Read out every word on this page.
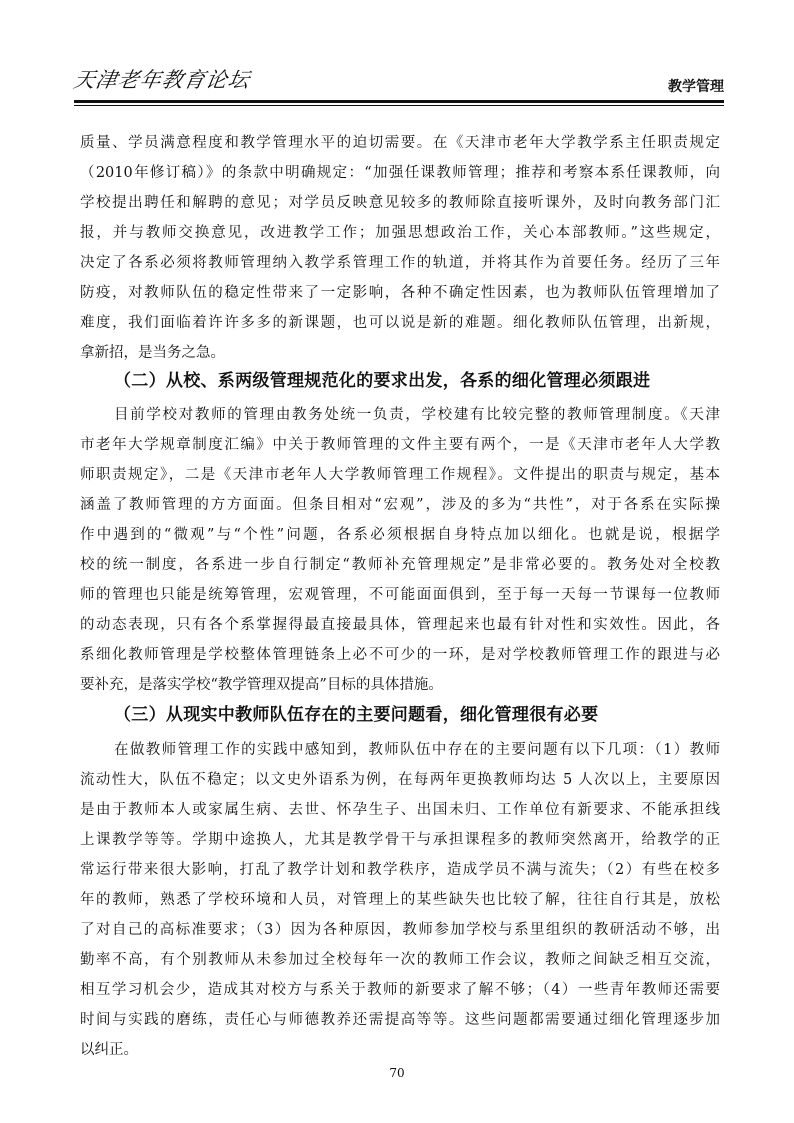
天津老年教育论坛	教学管理
质量、学员满意程度和教学管理水平的迫切需要。在《天津市老年大学教学系主任职责规定
（2010年修订稿）》的条款中明确规定：“加强任课教师管理；推荐和考察本系任课教师，向
学校提出聘任和解聘的意见；对学员反映意见较多的教师除直接听课外，及时向教务部门汇
报，并与教师交换意见，改进教学工作；加强思想政治工作，关心本部教师。”这些规定，
决定了各系必须将教师管理纳入教学系管理工作的轨道，并将其作为首要任务。经历了三年
防疫，对教师队伍的稳定性带来了一定影响，各种不确定性因素，也为教师队伍管理增加了
难度，我们面临着许许多多的新课题，也可以说是新的难题。细化教师队伍管理，出新规，
拿新招，是当务之急。
（二）从校、系两级管理规范化的要求出发，各系的细化管理必须跟进
目前学校对教师的管理由教务处统一负责，学校建有比较完整的教师管理制度。《天津
市老年大学规章制度汇编》中关于教师管理的文件主要有两个，一是《天津市老年人大学教
师职责规定》，二是《天津市老年人大学教师管理工作规程》。文件提出的职责与规定，基本
涵盖了教师管理的方方面面。但条目相对“宏观”，涉及的多为“共性”，对于各系在实际操
作中遇到的“微观”与“个性”问题，各系必须根据自身特点加以细化。也就是说，根据学
校的统一制度，各系进一步自行制定“教师补充管理规定”是非常必要的。教务处对全校教
师的管理也只能是统筹管理，宏观管理，不可能面面俱到，至于每一天每一节课每一位教师
的动态表现，只有各个系掌握得最直接最具体，管理起来也最有针对性和实效性。因此，各
系细化教师管理是学校整体管理链条上必不可少的一环，是对学校教师管理工作的跟进与必
要补充，是落实学校“教学管理双提高”目标的具体措施。
（三）从现实中教师队伍存在的主要问题看，细化管理很有必要
在做教师管理工作的实践中感知到，教师队伍中存在的主要问题有以下几项：（1）教师
流动性大，队伍不稳定；以文史外语系为例，在每两年更换教师均达 5 人次以上，主要原因
是由于教师本人或家属生病、去世、怀孕生子、出国未归、工作单位有新要求、不能承担线
上课教学等等。学期中途换人，尤其是教学骨干与承担课程多的教师突然离开，给教学的正
常运行带来很大影响，打乱了教学计划和教学秩序，造成学员不满与流失；（2）有些在校多
年的教师，熟悉了学校环境和人员，对管理上的某些缺失也比较了解，往往自行其是，放松
了对自己的高标准要求；（3）因为各种原因，教师参加学校与系里组织的教研活动不够，出
勤率不高，有个别教师从未参加过全校每年一次的教师工作会议，教师之间缺乏相互交流，
相互学习机会少，造成其对校方与系关于教师的新要求了解不够；（4）一些青年教师还需要
时间与实践的磨练，责任心与师德教养还需提高等等。这些问题都需要通过细化管理逐步加
以纠正。
70
